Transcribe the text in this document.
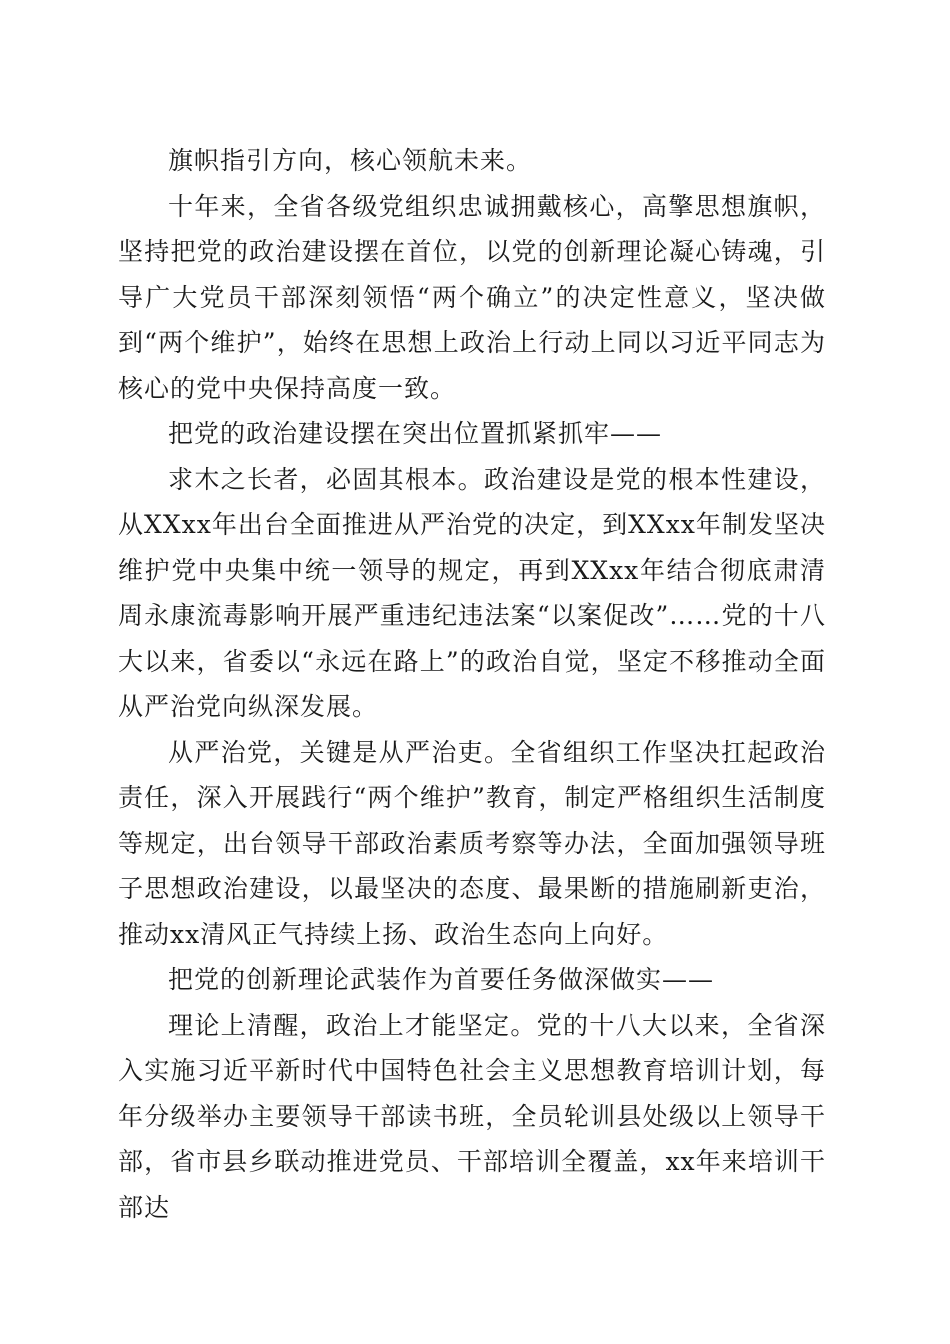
旗帜指引方向，核心领航未来。

十年来，全省各级党组织忠诚拥戴核心，高擎思想旗帜，坚持把党的政治建设摆在首位，以党的创新理论凝心铸魂，引导广大党员干部深刻领悟“两个确立”的决定性意义，坚决做到“两个维护”，始终在思想上政治上行动上同以习近平同志为核心的党中央保持高度一致。

把党的政治建设摆在突出位置抓紧抓牢——

求木之长者，必固其根本。政治建设是党的根本性建设，从XXxx年出台全面推进从严治党的决定，到XXxx年制发坚决维护党中央集中统一领导的规定，再到XXxx年结合彻底肃清周永康流毒影响开展严重违纪违法案“以案促改”……党的十八大以来，省委以“永远在路上”的政治自觉，坚定不移推动全面从严治党向纵深发展。

从严治党，关键是从严治吏。全省组织工作坚决扛起政治责任，深入开展践行“两个维护”教育，制定严格组织生活制度等规定，出台领导干部政治素质考察等办法，全面加强领导班子思想政治建设，以最坚决的态度、最果断的措施刷新吏治，推动xx清风正气持续上扬、政治生态向上向好。

把党的创新理论武装作为首要任务做深做实——

理论上清醒，政治上才能坚定。党的十八大以来，全省深入实施习近平新时代中国特色社会主义思想教育培训计划，每年分级举办主要领导干部读书班，全员轮训县处级以上领导干部，省市县乡联动推进党员、干部培训全覆盖，xx年来培训干部达
